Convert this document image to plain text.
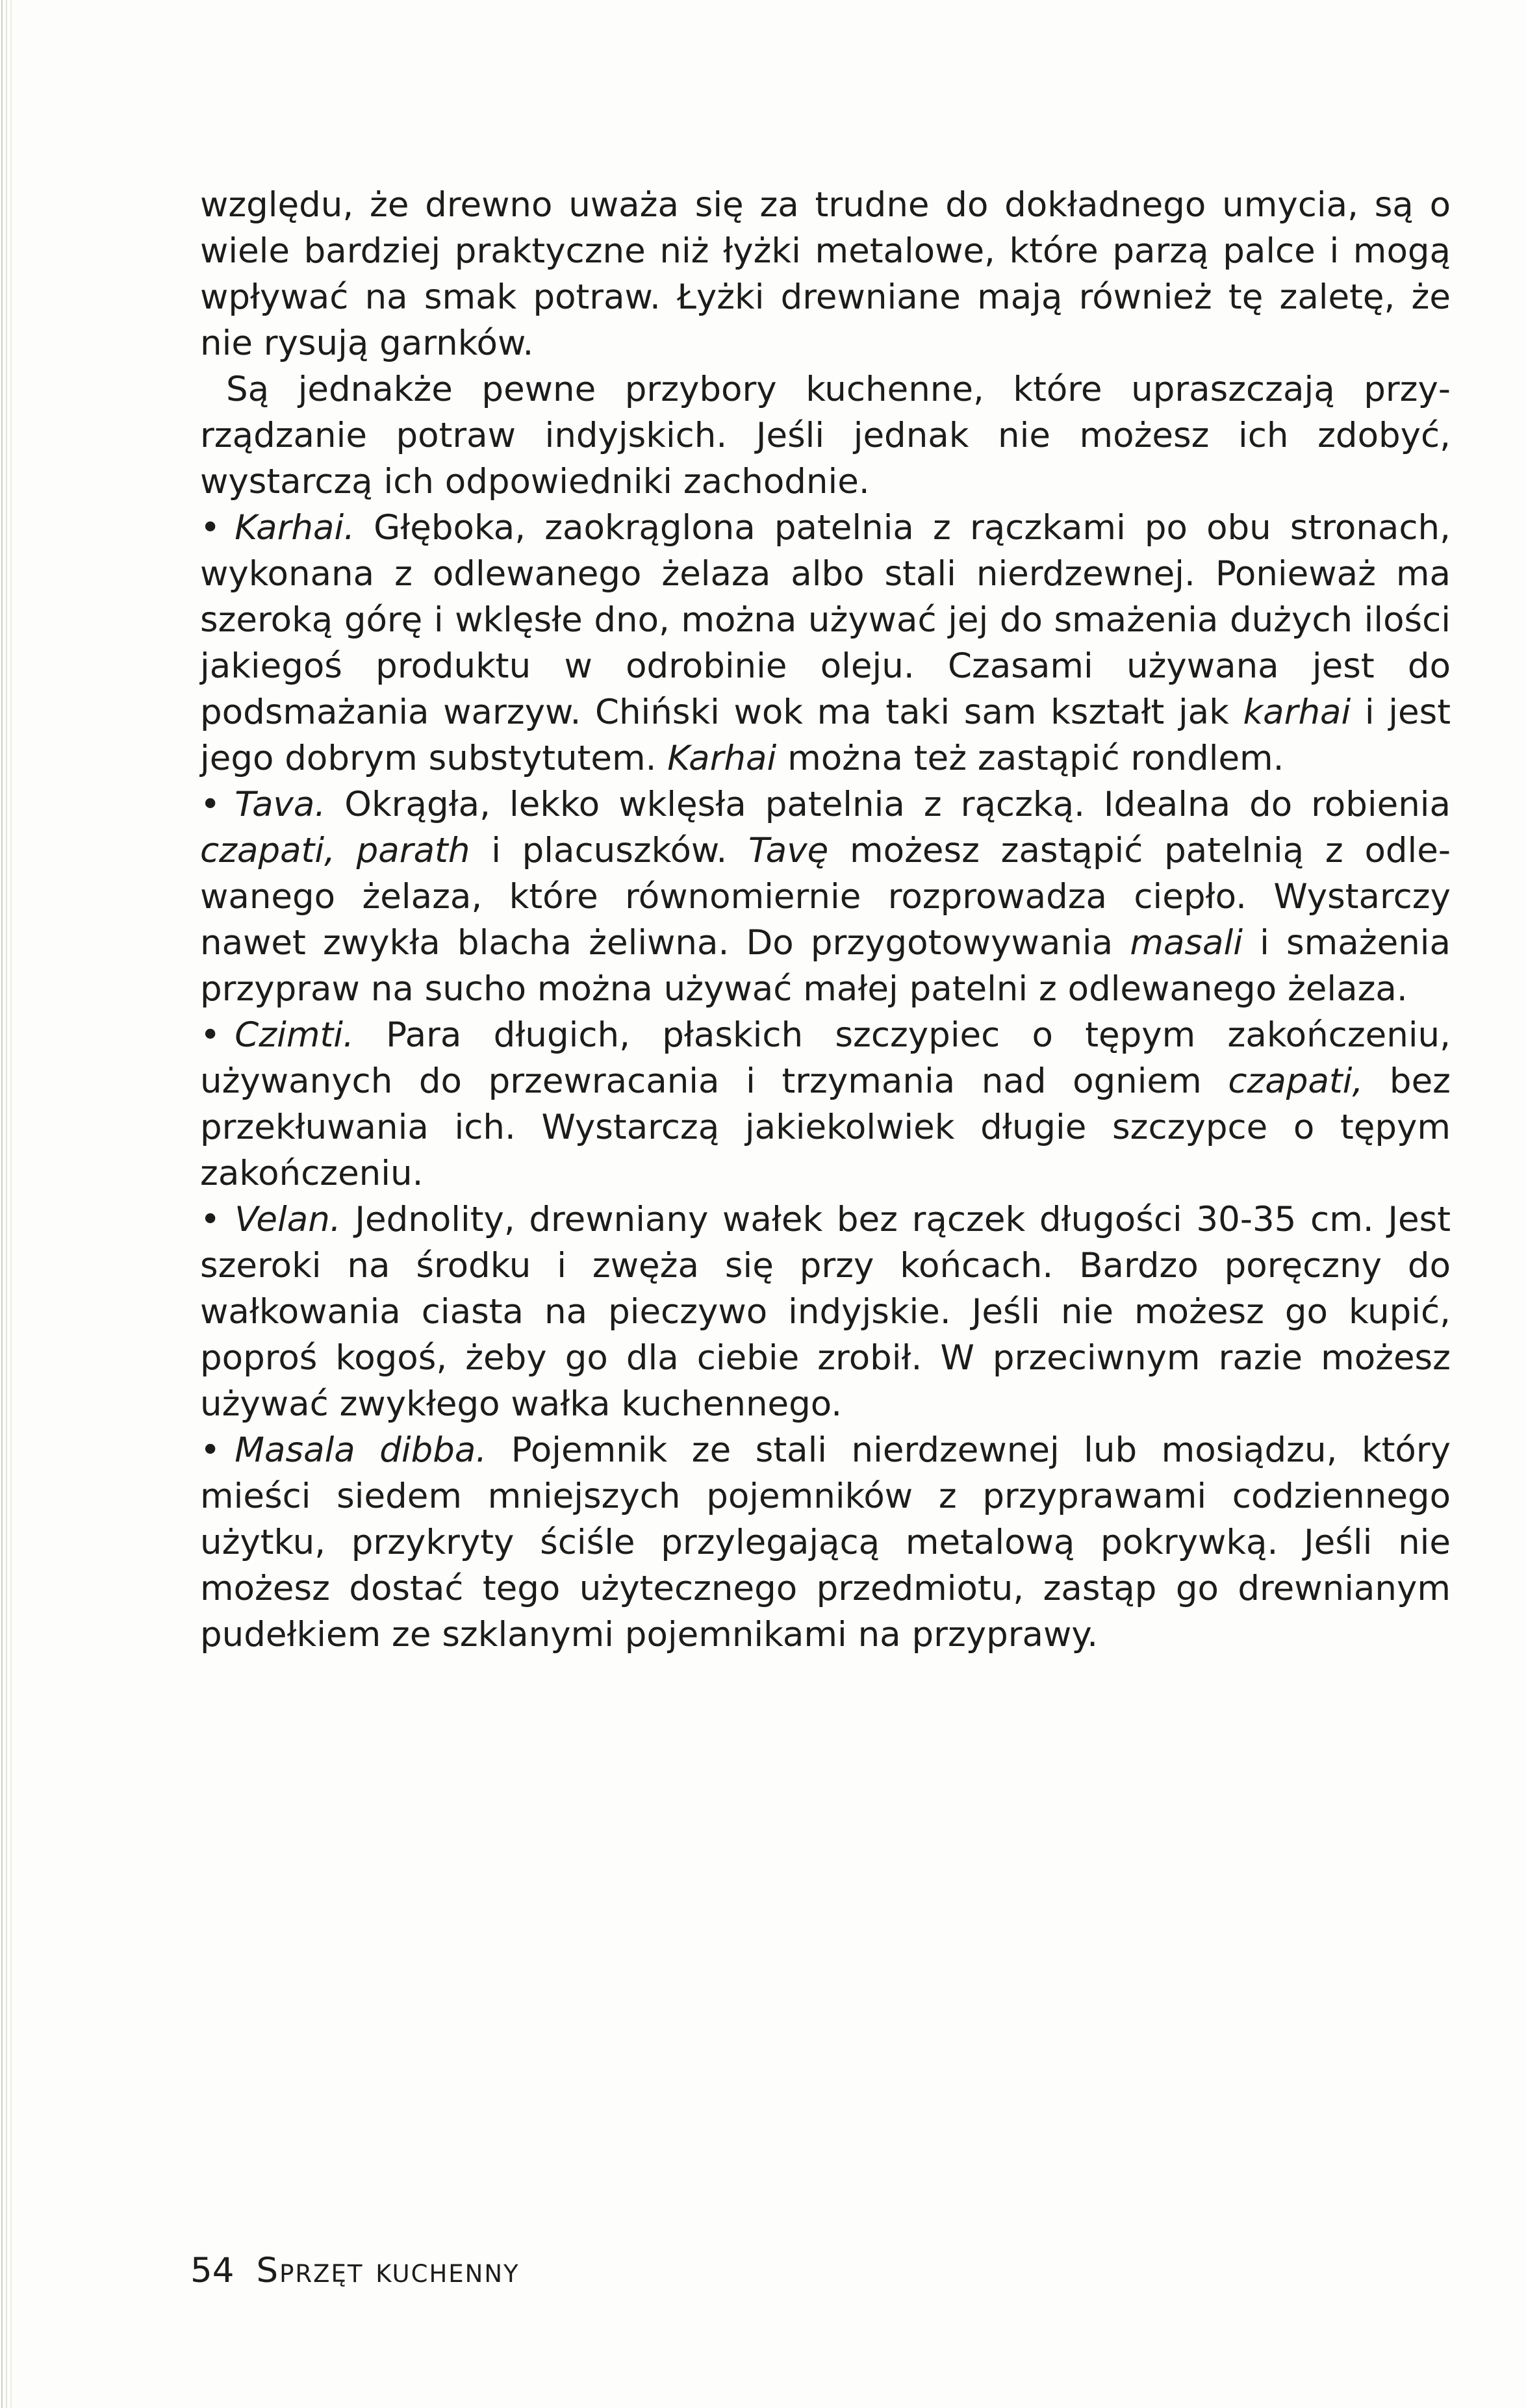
względu, że drewno uważa się za trudne do dokładnego umycia, są o wiele bardziej praktyczne niż łyżki metalowe, które parzą palce i mogą wpływać na smak potraw. Łyżki drewniane mają również tę zaletę, że nie rysują garnków.

Są jednakże pewne przybory kuchenne, które upraszczają przyrządzanie potraw indyjskich. Jeśli jednak nie możesz ich zdobyć, wystarczą ich odpowiedniki zachodnie.

• Karhai. Głęboka, zaokrąglona patelnia z rączkami po obu stronach, wykonana z odlewanego żelaza albo stali nierdzewnej. Ponieważ ma szeroką górę i wklęsłe dno, można używać jej do smażenia dużych ilości jakiegoś produktu w odrobinie oleju. Czasami używana jest do podsmażania warzyw. Chiński wok ma taki sam kształt jak karhai i jest jego dobrym substytutem. Karhai można też zastąpić rondlem.

• Tava. Okrągła, lekko wklęsła patelnia z rączką. Idealna do robienia czapati, parath i placuszków. Tavę możesz zastąpić patelnią z odlewanego żelaza, które równomiernie rozprowadza ciepło. Wystarczy nawet zwykła blacha żeliwna. Do przygotowywania masali i smażenia przypraw na sucho można używać małej patelni z odlewanego żelaza.

• Czimti. Para długich, płaskich szczypiec o tępym zakończeniu, używanych do przewracania i trzymania nad ogniem czapati, bez przekłuwania ich. Wystarczą jakiekolwiek długie szczypce o tępym zakończeniu.

• Velan. Jednolity, drewniany wałek bez rączek długości 30-35 cm. Jest szeroki na środku i zwęża się przy końcach. Bardzo poręczny do wałkowania ciasta na pieczywo indyjskie. Jeśli nie możesz go kupić, poproś kogoś, żeby go dla ciebie zrobił. W przeciwnym razie możesz używać zwykłego wałka kuchennego.

• Masala dibba. Pojemnik ze stali nierdzewnej lub mosiądzu, który mieści siedem mniejszych pojemników z przyprawami codziennego użytku, przykryty ściśle przylegającą metalową pokrywką. Jeśli nie możesz dostać tego użytecznego przedmiotu, zastąp go drewnianym pudełkiem ze szklanymi pojemnikami na przyprawy.

54 Sprzęt kuchenny
